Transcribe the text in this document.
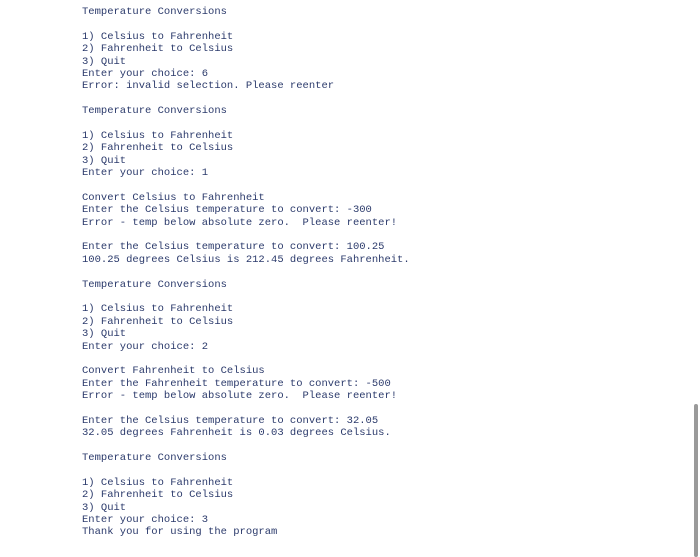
Temperature Conversions
1) Celsius to Fahrenheit
2) Fahrenheit to Celsius
3) Quit
Enter your choice: 6
Error: invalid selection. Please reenter
Temperature Conversions
1) Celsius to Fahrenheit
2) Fahrenheit to Celsius
3) Quit
Enter your choice: 1
Convert Celsius to Fahrenheit
Enter the Celsius temperature to convert: -300
Error - temp below absolute zero.  Please reenter!
Enter the Celsius temperature to convert: 100.25
100.25 degrees Celsius is 212.45 degrees Fahrenheit.
Temperature Conversions
1) Celsius to Fahrenheit
2) Fahrenheit to Celsius
3) Quit
Enter your choice: 2
Convert Fahrenheit to Celsius
Enter the Fahrenheit temperature to convert: -500
Error - temp below absolute zero.  Please reenter!
Enter the Celsius temperature to convert: 32.05
32.05 degrees Fahrenheit is 0.03 degrees Celsius.
Temperature Conversions
1) Celsius to Fahrenheit
2) Fahrenheit to Celsius
3) Quit
Enter your choice: 3
Thank you for using the program
